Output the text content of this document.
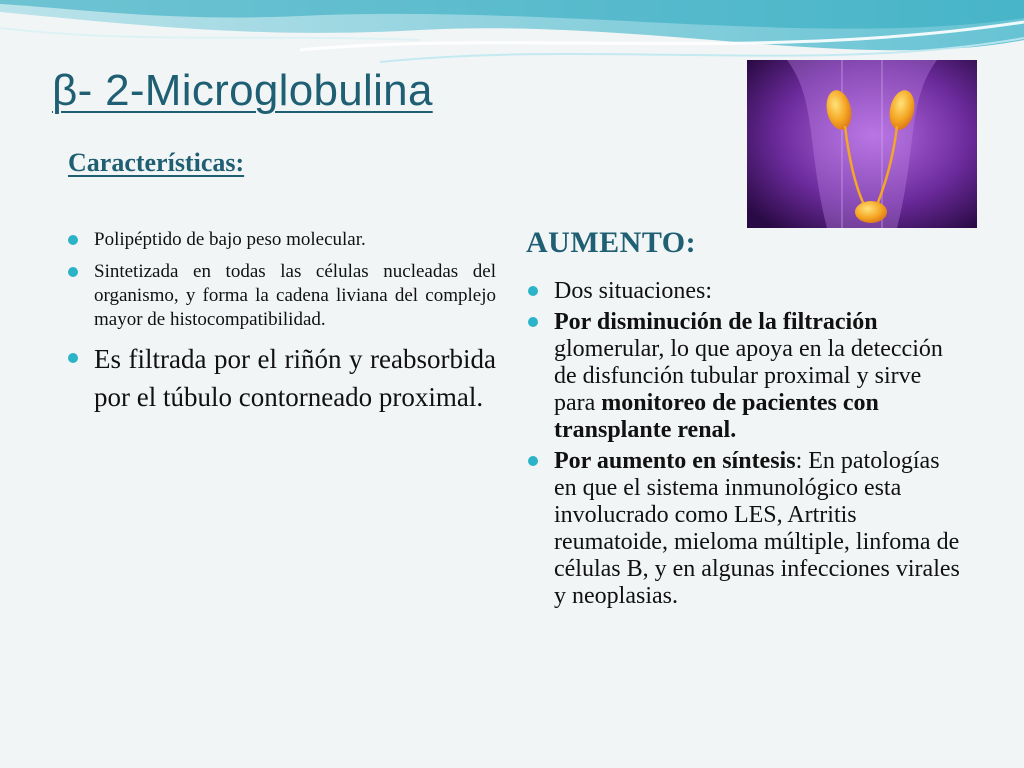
β- 2-Microglobulina
Características:
Polipéptido de bajo peso molecular.
Sintetizada en todas las células nucleadas del organismo, y forma la cadena liviana del complejo mayor de histocompatibilidad.
Es filtrada por el riñón y reabsorbida por el túbulo contorneado proximal.
AUMENTO:
Dos situaciones:
Por disminución de la filtración glomerular, lo que apoya en la detección de disfunción tubular proximal y sirve para monitoreo de pacientes con transplante renal.
Por aumento en síntesis: En patologías en que el sistema inmunológico esta involucrado como LES, Artritis reumatoide, mieloma múltiple, linfoma de células B, y en algunas infecciones virales y neoplasias.
